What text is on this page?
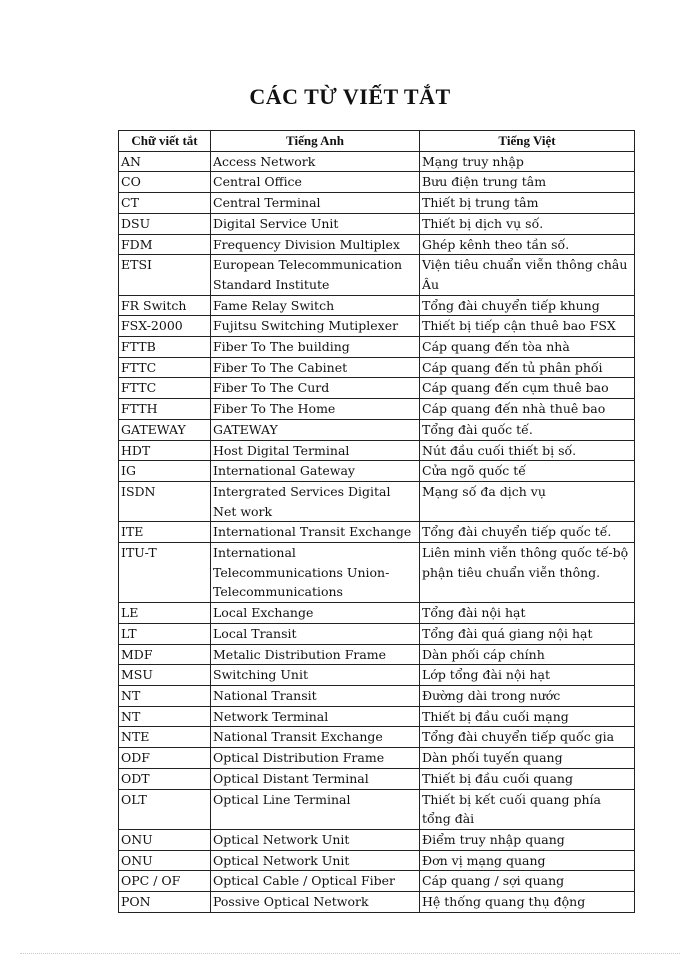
CÁC TỪ VIẾT TẮT
Chữ viết tắt	Tiếng Anh	Tiếng Việt
AN	Access Network	Mạng truy nhập
CO	Central Office	Bưu điện trung tâm
CT	Central Terminal	Thiết bị trung tâm
DSU	Digital Service Unit	Thiết bị dịch vụ số.
FDM	Frequency Division Multiplex	Ghép kênh theo tần số.
ETSI	European Telecommunication Standard Institute	Viện tiêu chuẩn viễn thông châu Âu
FR Switch	Fame Relay Switch	Tổng đài chuyển tiếp khung
FSX-2000	Fujitsu Switching Mutiplexer	Thiết bị tiếp cận thuê bao FSX
FTTB	Fiber To The building	Cáp quang đến tòa nhà
FTTC	Fiber To The Cabinet	Cáp quang đến tủ phân phối
FTTC	Fiber To The Curd	Cáp quang đến cụm thuê bao
FTTH	Fiber To The Home	Cáp quang đến nhà thuê bao
GATEWAY	GATEWAY	Tổng đài quốc tế.
HDT	Host Digital Terminal	Nút đầu cuối thiết bị số.
IG	International Gateway	Cửa ngõ quốc tế
ISDN	Intergrated Services Digital Net work	Mạng số đa dịch vụ
ITE	International Transit Exchange	Tổng đài chuyển tiếp quốc tế.
ITU-T	International Telecommunications Union-Telecommunications	Liên minh viễn thông quốc tế-bộ phận tiêu chuẩn viễn thông.
LE	Local Exchange	Tổng đài nội hạt
LT	Local Transit	Tổng đài quá giang nội hạt
MDF	Metalic Distribution Frame	Dàn phối cáp chính
MSU	Switching Unit	Lớp tổng đài nội hạt
NT	National Transit	Đường dài trong nước
NT	Network Terminal	Thiết bị đầu cuối mạng
NTE	National Transit Exchange	Tổng đài chuyển tiếp quốc gia
ODF	Optical Distribution Frame	Dàn phối tuyến quang
ODT	Optical Distant Terminal	Thiết bị đầu cuối quang
OLT	Optical Line Terminal	Thiết bị kết cuối quang phía tổng đài
ONU	Optical Network Unit	Điểm truy nhập quang
ONU	Optical Network Unit	Đơn vị mạng quang
OPC / OF	Optical Cable / Optical Fiber	Cáp quang / sợi quang
PON	Possive Optical Network	Hệ thống quang thụ động
